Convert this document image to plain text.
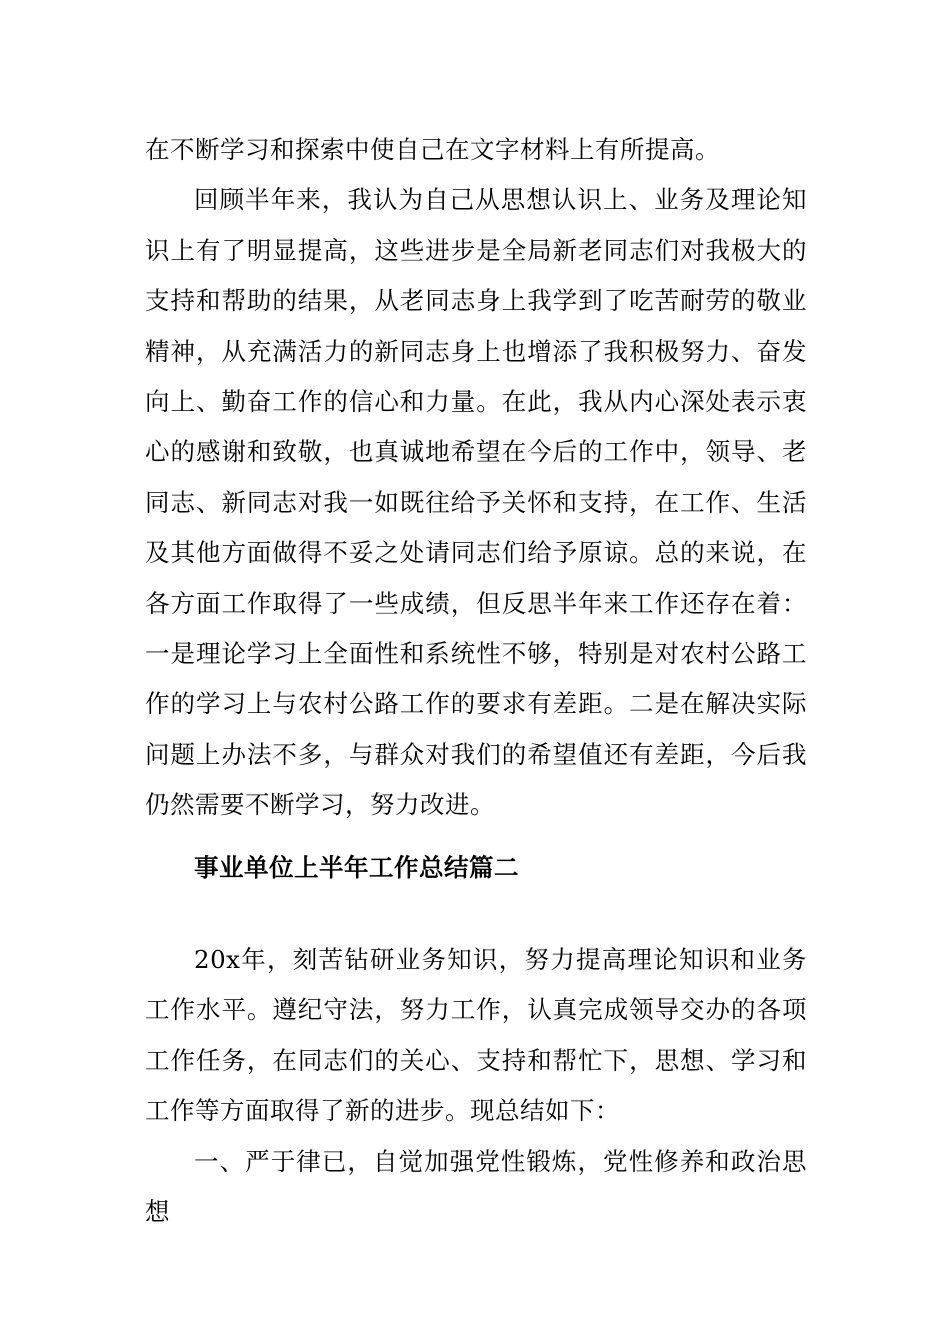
在不断学习和探索中使自己在文字材料上有所提高。

回顾半年来，我认为自己从思想认识上、业务及理论知识上有了明显提高，这些进步是全局新老同志们对我极大的支持和帮助的结果，从老同志身上我学到了吃苦耐劳的敬业精神，从充满活力的新同志身上也增添了我积极努力、奋发向上、勤奋工作的信心和力量。在此，我从内心深处表示衷心的感谢和致敬，也真诚地希望在今后的工作中，领导、老同志、新同志对我一如既往给予关怀和支持，在工作、生活及其他方面做得不妥之处请同志们给予原谅。总的来说，在各方面工作取得了一些成绩，但反思半年来工作还存在着：一是理论学习上全面性和系统性不够，特别是对农村公路工作的学习上与农村公路工作的要求有差距。二是在解决实际问题上办法不多，与群众对我们的希望值还有差距，今后我仍然需要不断学习，努力改进。

事业单位上半年工作总结篇二

20x年，刻苦钻研业务知识，努力提高理论知识和业务工作水平。遵纪守法，努力工作，认真完成领导交办的各项工作任务，在同志们的关心、支持和帮忙下，思想、学习和工作等方面取得了新的进步。现总结如下：

一、严于律已，自觉加强党性锻炼，党性修养和政治思想
